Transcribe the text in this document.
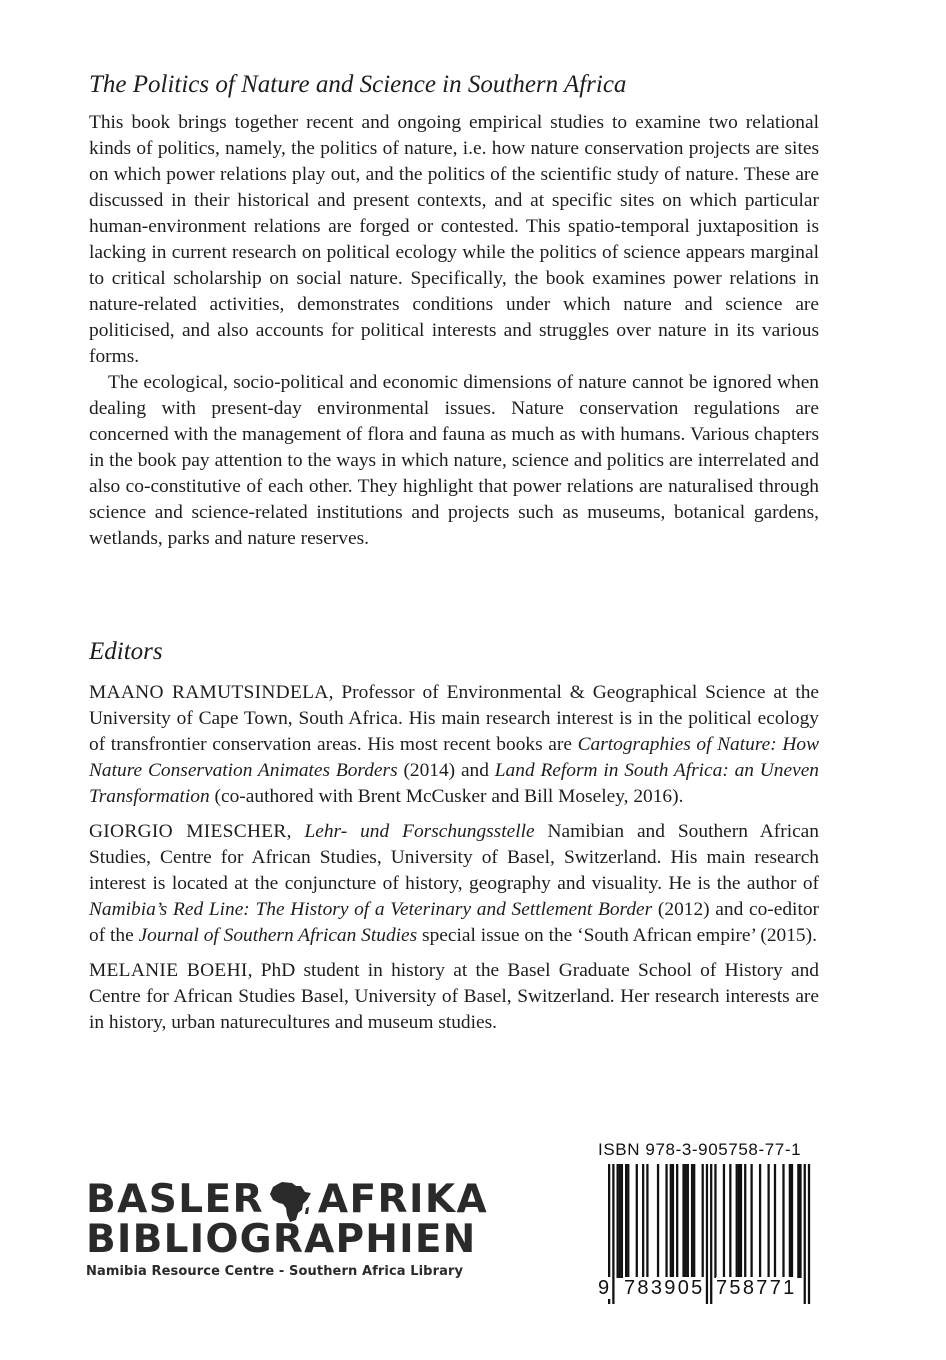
The Politics of Nature and Science in Southern Africa

This book brings together recent and ongoing empirical studies to examine two relational kinds of politics, namely, the politics of nature, i.e. how nature conservation projects are sites on which power relations play out, and the politics of the scientific study of nature. These are discussed in their historical and present contexts, and at specific sites on which particular human-environment relations are forged or contested. This spatio-temporal juxtaposition is lacking in current research on political ecology while the politics of science appears marginal to critical scholarship on social nature. Specifically, the book examines power relations in nature-related activities, demonstrates conditions under which nature and science are politicised, and also accounts for political interests and struggles over nature in its various forms.

The ecological, socio-political and economic dimensions of nature cannot be ignored when dealing with present-day environmental issues. Nature conservation regulations are concerned with the management of flora and fauna as much as with humans. Various chapters in the book pay attention to the ways in which nature, science and politics are interrelated and also co-constitutive of each other. They highlight that power relations are naturalised through science and science-related institutions and projects such as museums, botanical gardens, wetlands, parks and nature reserves.

Editors

MAANO RAMUTSINDELA, Professor of Environmental & Geographical Science at the University of Cape Town, South Africa. His main research interest is in the political ecology of transfrontier conservation areas. His most recent books are Cartographies of Nature: How Nature Conservation Animates Borders (2014) and Land Reform in South Africa: an Uneven Transformation (co-authored with Brent McCusker and Bill Moseley, 2016).

GIORGIO MIESCHER, Lehr- und Forschungsstelle Namibian and Southern African Studies, Centre for African Studies, University of Basel, Switzerland. His main research interest is located at the conjuncture of history, geography and visuality. He is the author of Namibia’s Red Line: The History of a Veterinary and Settlement Border (2012) and co-editor of the Journal of Southern African Studies special issue on the ‘South African empire’ (2015).

MELANIE BOEHI, PhD student in history at the Basel Graduate School of History and Centre for African Studies Basel, University of Basel, Switzerland. Her research interests are in history, urban naturecultures and museum studies.

BASLER AFRIKA
BIBLIOGRAPHIEN
Namibia Resource Centre - Southern Africa Library
ISBN 978-3-905758-77-1
9 783905 758771
